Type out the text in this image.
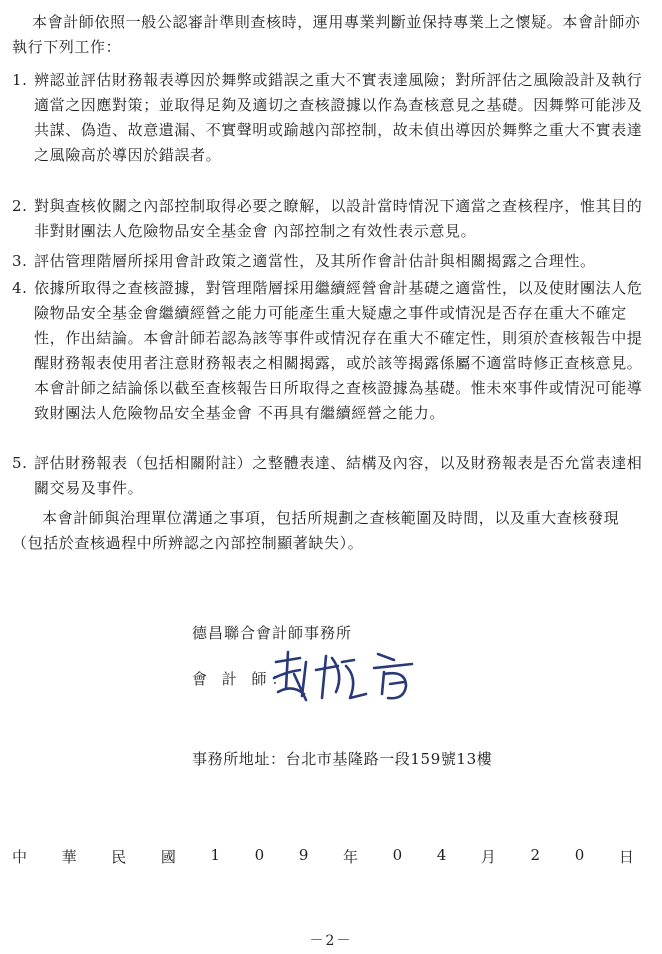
本會計師依照一般公認審計準則查核時，運用專業判斷並保持專業上之懷疑。本會計師亦執行下列工作：

1. 辨認並評估財務報表導因於舞弊或錯誤之重大不實表達風險；對所評估之風險設計及執行適當之因應對策；並取得足夠及適切之查核證據以作為查核意見之基礎。因舞弊可能涉及共謀、偽造、故意遺漏、不實聲明或踰越內部控制，故未偵出導因於舞弊之重大不實表達之風險高於導因於錯誤者。
2. 對與查核攸關之內部控制取得必要之瞭解，以設計當時情況下適當之查核程序，惟其目的非對財團法人危險物品安全基金會 內部控制之有效性表示意見。
3. 評估管理階層所採用會計政策之適當性，及其所作會計估計與相關揭露之合理性。
4. 依據所取得之查核證據，對管理階層採用繼續經營會計基礎之適當性，以及使財團法人危險物品安全基金會繼續經營之能力可能產生重大疑慮之事件或情況是否存在重大不確定性，作出結論。本會計師若認為該等事件或情況存在重大不確定性，則須於查核報告中提醒財務報表使用者注意財務報表之相關揭露，或於該等揭露係屬不適當時修正查核意見。本會計師之結論係以截至查核報告日所取得之查核證據為基礎。惟未來事件或情況可能導致財團法人危險物品安全基金會 不再具有繼續經營之能力。
5. 評估財務報表（包括相關附註）之整體表達、結構及內容，以及財務報表是否允當表達相關交易及事件。

本會計師與治理單位溝通之事項，包括所規劃之查核範圍及時間，以及重大查核發現（包括於查核過程中所辨認之內部控制顯著缺失）。

德昌聯合會計師事務所
會 計 師：
事務所地址：台北市基隆路一段159號13樓
中 華 民 國 1 0 9 年 0 4 月 2 0 日
－2－
